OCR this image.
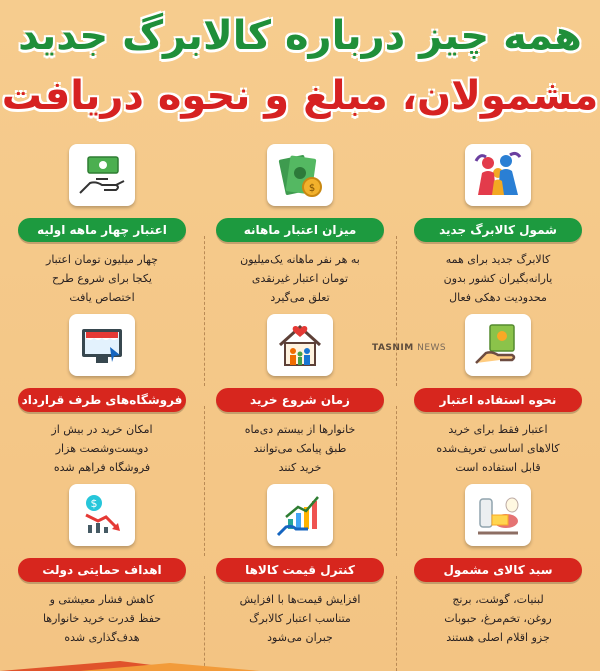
همه چیز درباره کالابرگ جدید
مشمولان، مبلغ و نحوه دریافت
شمول کالابرگ جدید
کالابرگ جدید برای همه
یارانه‌بگیران کشور بدون
محدودیت دهکی فعال
$
میزان اعتبار ماهانه
به هر نفر ماهانه یک‌میلیون
تومان اعتبار غیرنقدی
تعلق می‌گیرد
اعتبار چهار ماهه اولیه
چهار میلیون تومان اعتبار
یکجا برای شروع طرح
اختصاص یافت
نحوه استفاده اعتبار
اعتبار فقط برای خرید
کالاهای اساسی تعریف‌شده
قابل استفاده است
زمان شروع خرید
خانوارها از بیستم دی‌ماه
طبق پیامک می‌توانند
خرید کنند
فروشگاه‌های طرف قرارداد
امکان خرید در بیش از
دویست‌وشصت هزار
فروشگاه فراهم شده
سبد کالای مشمول
لبنیات، گوشت، برنج
روغن، تخم‌مرغ، حبوبات
جزو اقلام اصلی هستند
کنترل قیمت کالاها
افزایش قیمت‌ها با افزایش
متناسب اعتبار کالابرگ
جبران می‌شود
$
اهداف حمایتی دولت
کاهش فشار معیشتی و
حفظ قدرت خرید خانوارها
هدف‌گذاری شده
TASNIM NEWS
